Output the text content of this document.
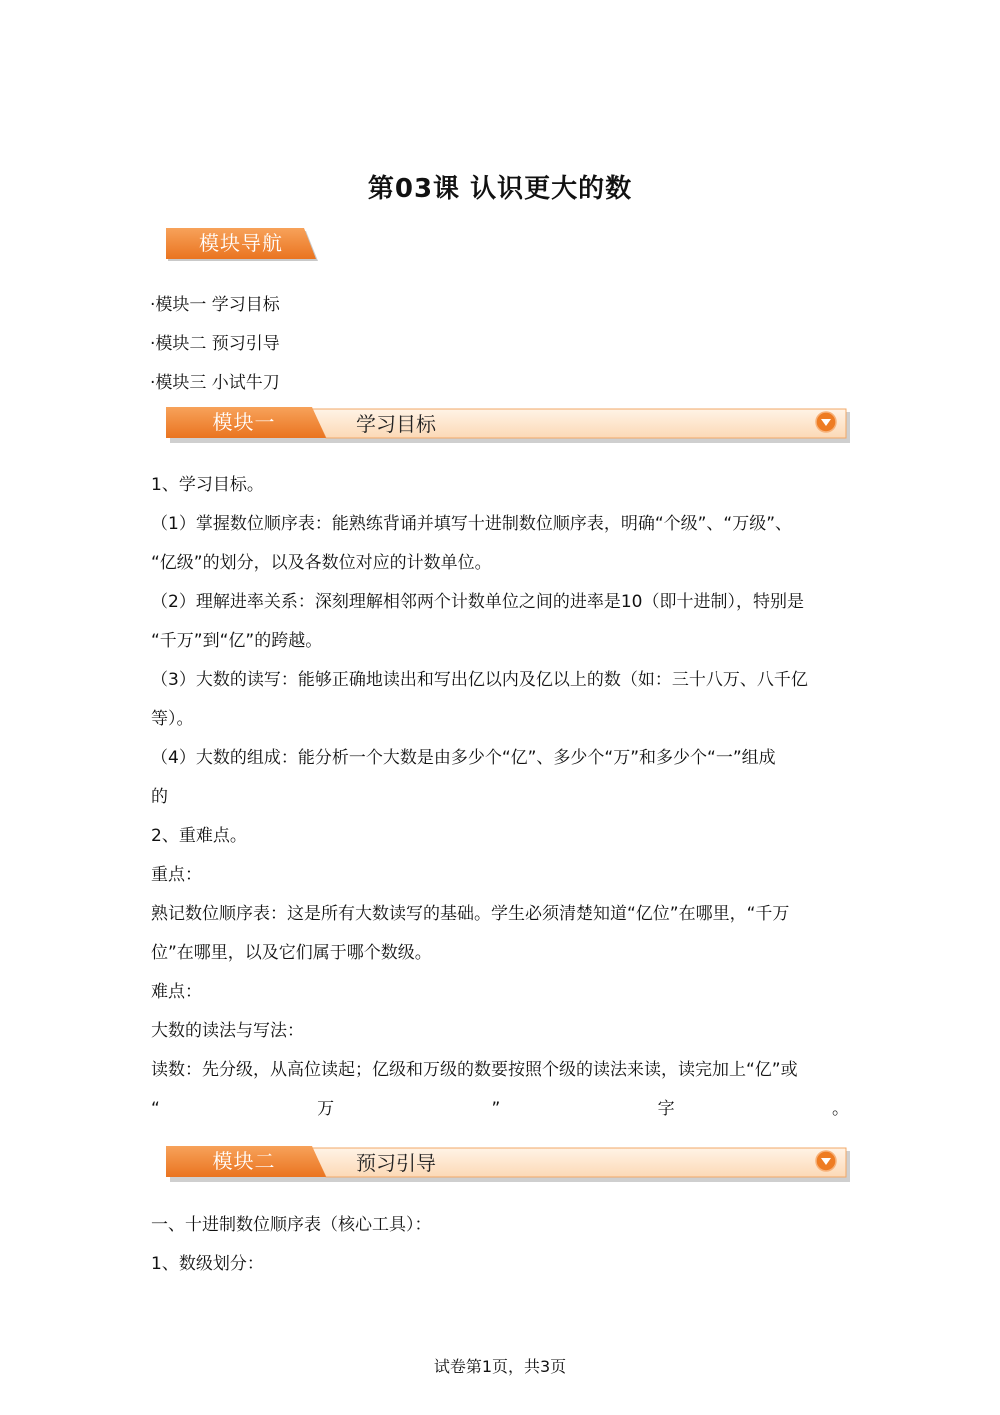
第03课 认识更大的数
模块导航
·模块一 学习目标
·模块二 预习引导
·模块三 小试牛刀
模块一	学习目标
1、学习目标。
（1）掌握数位顺序表：能熟练背诵并填写十进制数位顺序表，明确“个级”、“万级”、
“亿级”的划分，以及各数位对应的计数单位。
（2）理解进率关系：深刻理解相邻两个计数单位之间的进率是10（即十进制），特别是
“千万”到“亿”的跨越。
（3）大数的读写：能够正确地读出和写出亿以内及亿以上的数（如：三十八万、八千亿
等）。
（4）大数的组成：能分析一个大数是由多少个“亿”、多少个“万”和多少个“一”组成
的
2、重难点。
重点：
熟记数位顺序表：这是所有大数读写的基础。学生必须清楚知道“亿位”在哪里，“千万
位”在哪里，以及它们属于哪个数级。
难点：
大数的读法与写法：
读数：先分级，从高位读起；亿级和万级的数要按照个级的读法来读，读完加上“亿”或
“	万	”	字	。
模块二	预习引导
一、十进制数位顺序表（核心工具）：
1、数级划分：
试卷第1页，共3页
